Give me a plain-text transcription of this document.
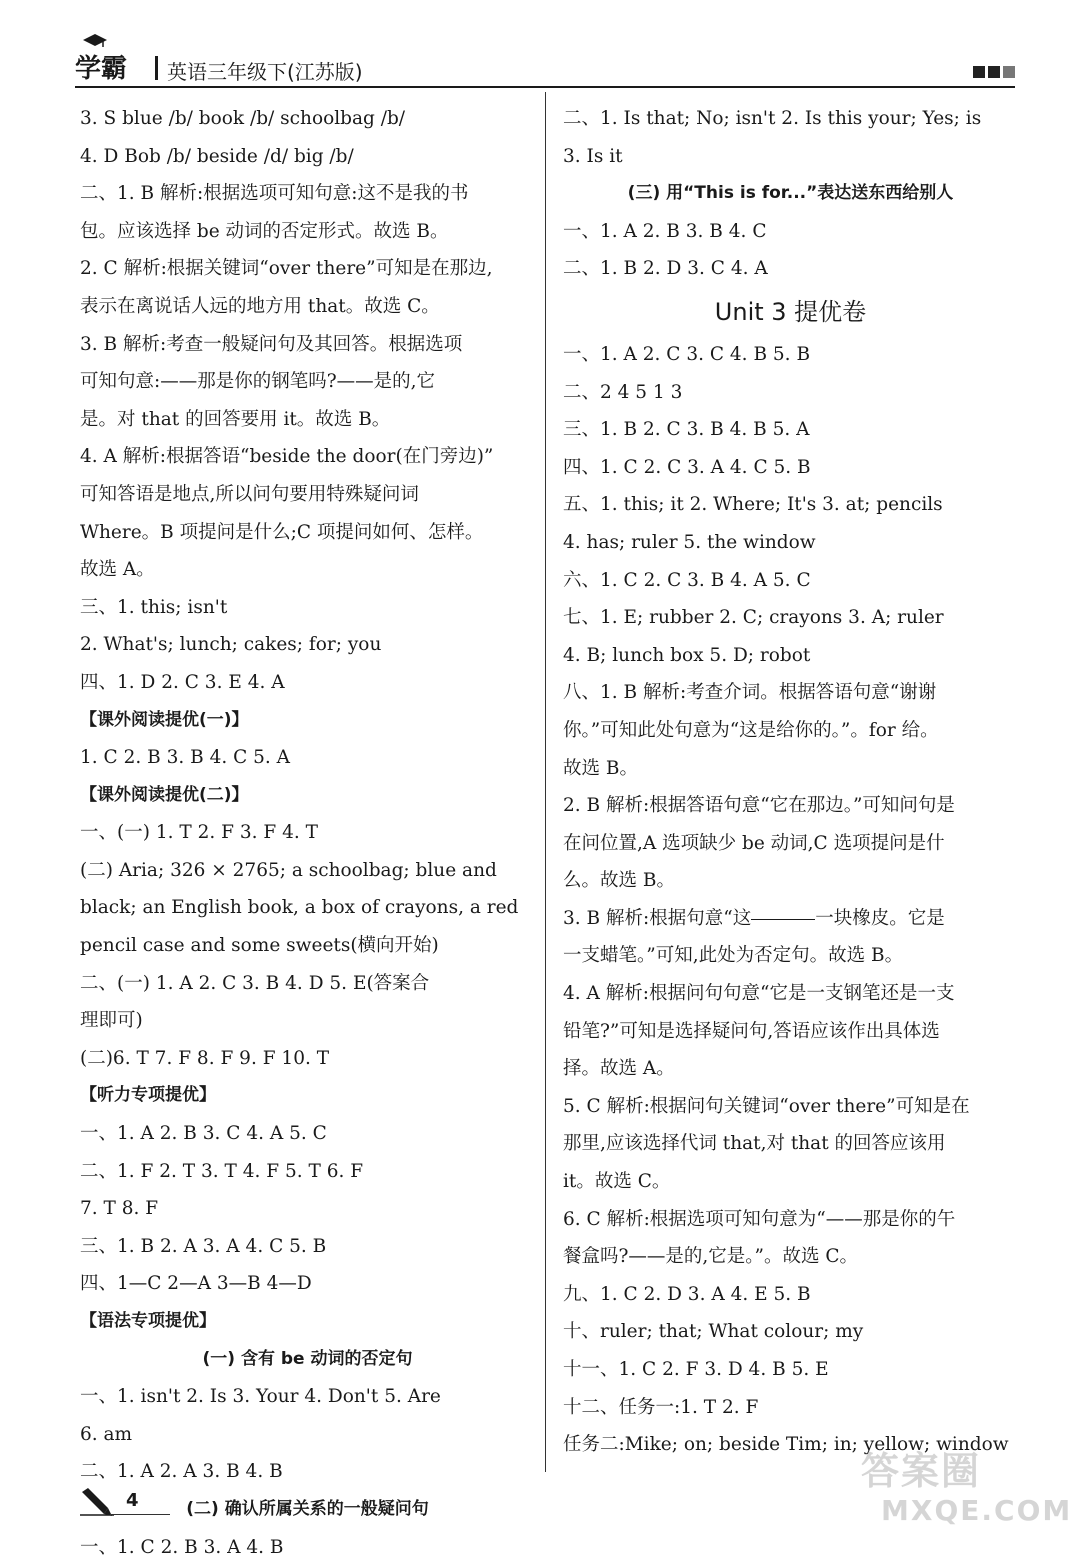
学霸 英语三年级下(江苏版)
3. S blue /b/ book /b/ schoolbag /b/
4. D Bob /b/ beside /d/ big /b/
二、1. B 解析:根据选项可知句意:这不是我的书
包。应该选择 be 动词的否定形式。故选 B。
2. C 解析:根据关键词“over there”可知是在那边,
表示在离说话人远的地方用 that。故选 C。
3. B 解析:考查一般疑问句及其回答。根据选项
可知句意:——那是你的钢笔吗?——是的,它
是。对 that 的回答要用 it。故选 B。
4. A 解析:根据答语“beside the door(在门旁边)”
可知答语是地点,所以问句要用特殊疑问词
Where。B 项提问是什么;C 项提问如何、怎样。
故选 A。
三、1. this; isn't
2. What's; lunch; cakes; for; you
四、1. D 2. C 3. E 4. A
【课外阅读提优(一)】
1. C 2. B 3. B 4. C 5. A
【课外阅读提优(二)】
一、(一) 1. T 2. F 3. F 4. T
(二) Aria; 326 × 2765; a schoolbag; blue and
black; an English book, a box of crayons, a red
pencil case and some sweets(横向开始)
二、(一) 1. A 2. C 3. B 4. D 5. E(答案合
理即可)
(二)6. T 7. F 8. F 9. F 10. T
【听力专项提优】
一、1. A 2. B 3. C 4. A 5. C
二、1. F 2. T 3. T 4. F 5. T 6. F
7. T 8. F
三、1. B 2. A 3. A 4. C 5. B
四、1—C 2—A 3—B 4—D
【语法专项提优】
(一) 含有 be 动词的否定句
一、1. isn't 2. Is 3. Your 4. Don't 5. Are
6. am
二、1. A 2. A 3. B 4. B
(二) 确认所属关系的一般疑问句
一、1. C 2. B 3. A 4. B
二、1. Is that; No; isn't 2. Is this your; Yes; is
3. Is it
(三) 用“This is for...”表达送东西给别人
一、1. A 2. B 3. B 4. C
二、1. B 2. D 3. C 4. A
Unit 3 提优卷
一、1. A 2. C 3. C 4. B 5. B
二、2 4 5 1 3
三、1. B 2. C 3. B 4. B 5. A
四、1. C 2. C 3. A 4. C 5. B
五、1. this; it 2. Where; It's 3. at; pencils
4. has; ruler 5. the window
六、1. C 2. C 3. B 4. A 5. C
七、1. E; rubber 2. C; crayons 3. A; ruler
4. B; lunch box 5. D; robot
八、1. B 解析:考查介词。根据答语句意“谢谢
你。”可知此处句意为“这是给你的。”。for 给。
故选 B。
2. B 解析:根据答语句意“它在那边。”可知问句是
在问位置,A 选项缺少 be 动词,C 选项提问是什
么。故选 B。
3. B 解析:根据句意“这	一块橡皮。它是
一支蜡笔。”可知,此处为否定句。故选 B。
4. A 解析:根据问句句意“它是一支钢笔还是一支
铅笔?”可知是选择疑问句,答语应该作出具体选
择。故选 A。
5. C 解析:根据问句关键词“over there”可知是在
那里,应该选择代词 that,对 that 的回答应该用
it。故选 C。
6. C 解析:根据选项可知句意为“——那是你的午
餐盒吗?——是的,它是。”。故选 C。
九、1. C 2. D 3. A 4. E 5. B
十、ruler; that; What colour; my
十一、1. C 2. F 3. D 4. B 5. E
十二、任务一:1. T 2. F
任务二:Mike; on; beside Tim; in; yellow; window
4
答案圈
MXQE.COM
